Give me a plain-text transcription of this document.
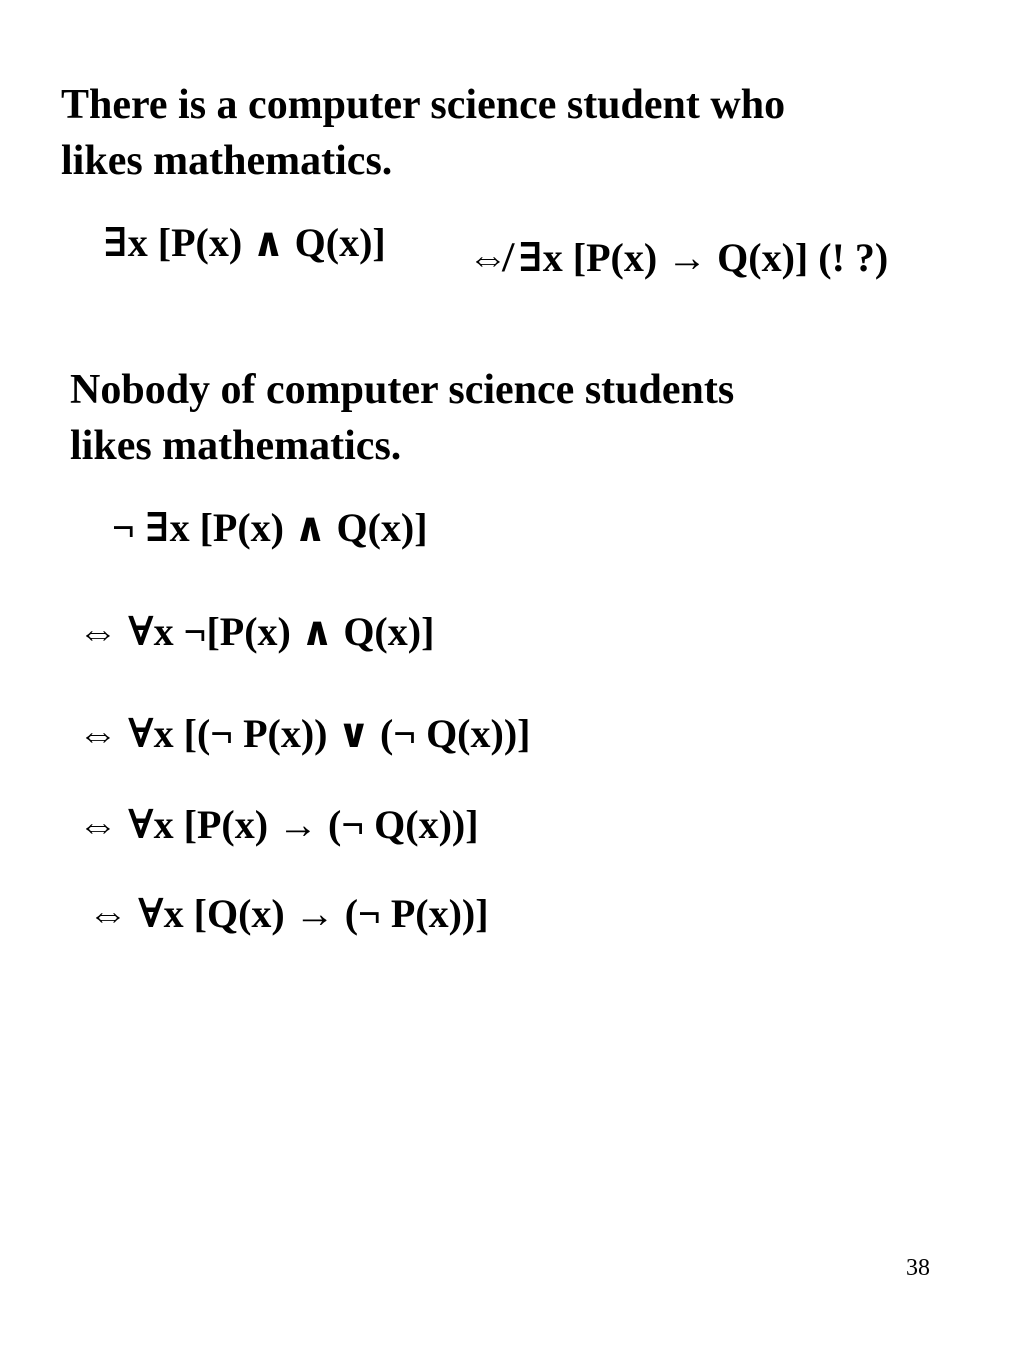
There is a computer science student who
likes mathematics.
∃x [P(x) ∧ Q(x)] ⇎ ∃x [P(x) → Q(x)] (! ?)
Nobody of computer science students
likes mathematics.
¬ ∃x [P(x) ∧ Q(x)]
⇔ ∀x ¬[P(x) ∧ Q(x)]
⇔ ∀x [(¬ P(x)) ∨ (¬ Q(x))]
⇔ ∀x [P(x) → (¬ Q(x))]
⇔ ∀x [Q(x) → (¬ P(x))]
38
